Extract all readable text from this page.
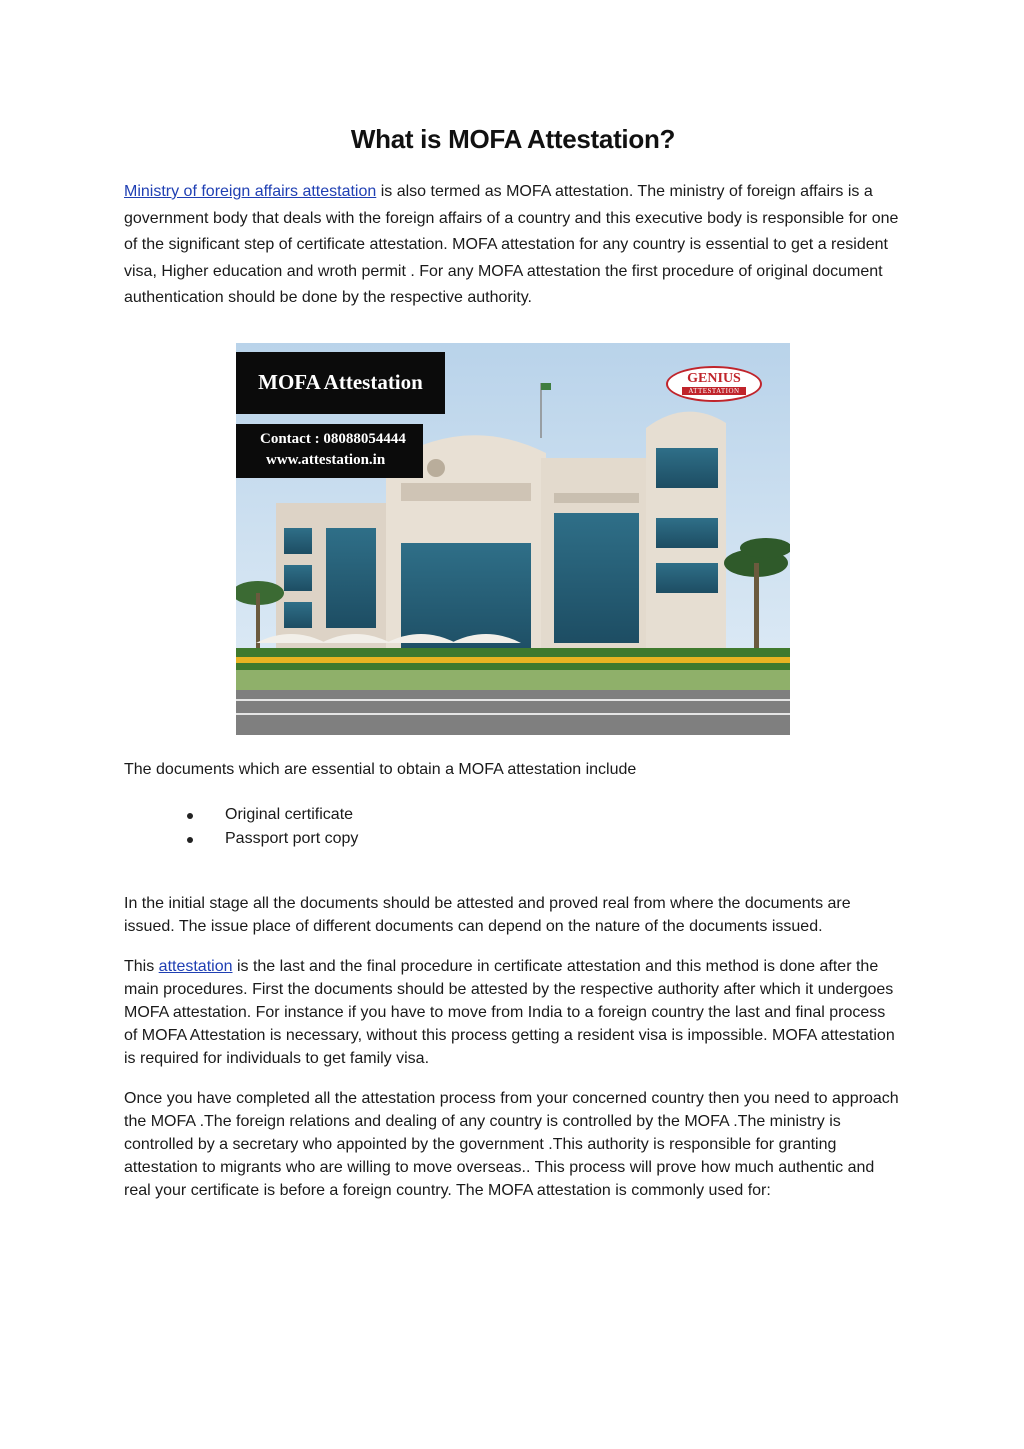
What is MOFA Attestation?

Ministry of foreign affairs attestation is also termed as MOFA attestation. The ministry of foreign affairs is a government body that deals with the foreign affairs of a country and this executive body is responsible for one of the significant step of certificate attestation. MOFA attestation for any country is essential to get a resident visa, Higher education and wroth permit . For any MOFA attestation the first procedure of original document authentication should be done by the respective authority.

MOFA Attestation
Contact : 08088054444
www.attestation.in
GENIUS
ATTESTATION

The documents which are essential to obtain a MOFA attestation include

Original certificate
Passport port copy

In the initial stage all the documents should be attested and proved real from where the documents are issued. The issue place of different documents can depend on the nature of the documents issued.

This attestation is the last and the final procedure in certificate attestation and this method is done after the main procedures. First the documents should be attested by the respective authority after which it undergoes MOFA attestation. For instance if you have to move from India to a foreign country the last and final process of MOFA Attestation is necessary, without this process getting a resident visa is impossible. MOFA attestation is required for individuals to get family visa.

Once you have completed all the attestation process from your concerned country then you need to approach the MOFA .The foreign relations and dealing of any country is controlled by the MOFA .The ministry is controlled by a secretary who appointed by the government .This authority is responsible for granting attestation to migrants who are willing to move overseas.. This process will prove how much authentic and real your certificate is before a foreign country. The MOFA attestation is commonly used for:
